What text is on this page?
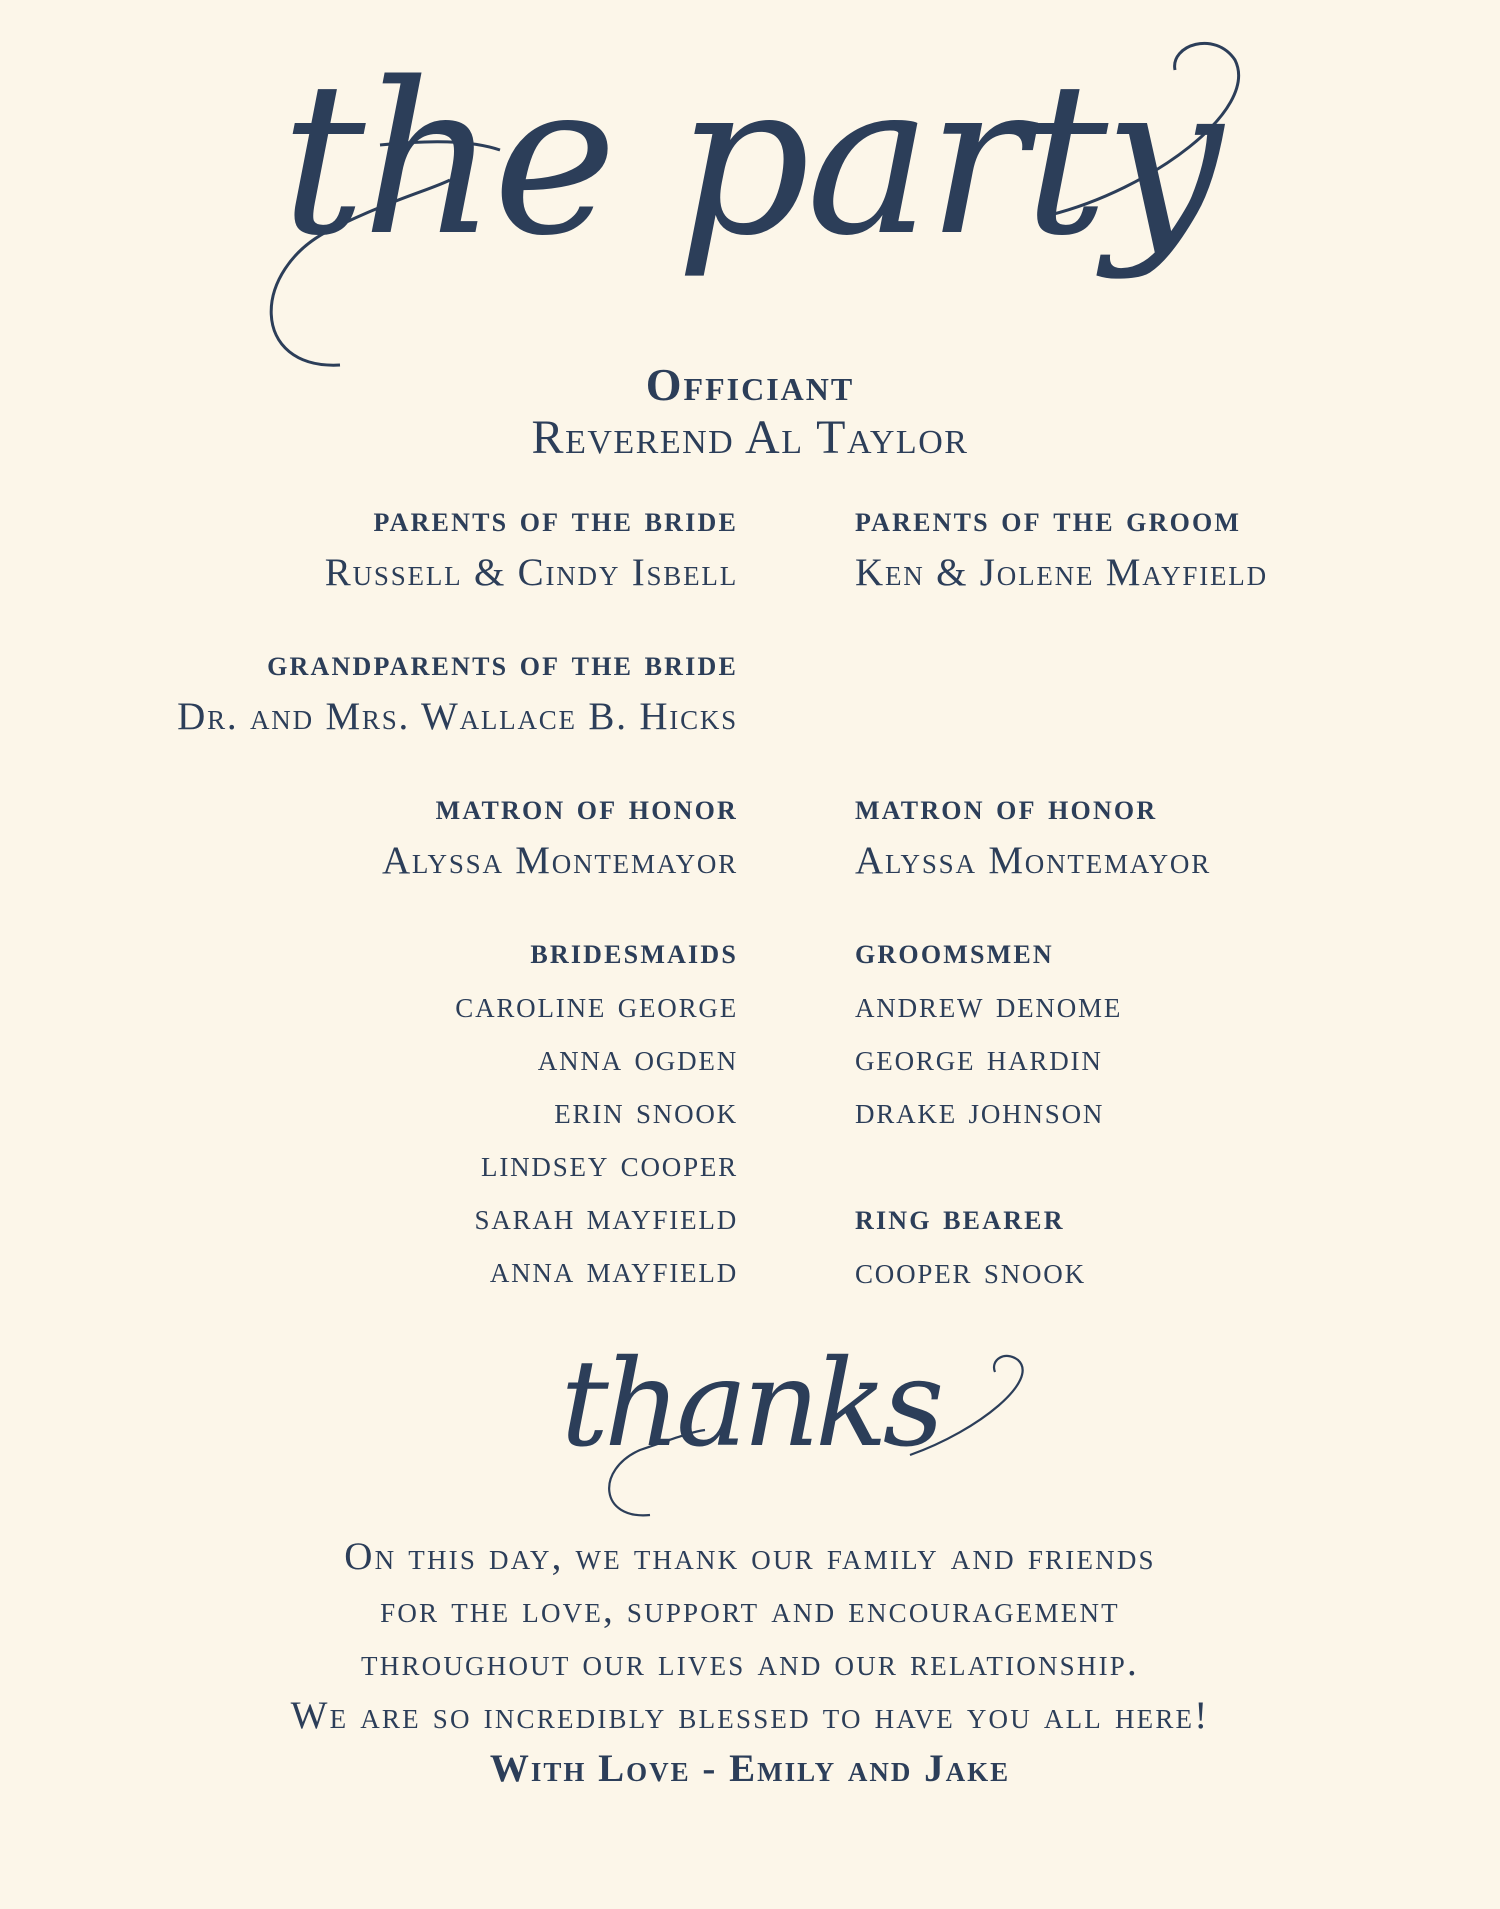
the party
Officiant
Reverend Al Taylor
parents of the bride
Russell & Cindy Isbell
parents of the groom
Ken & Jolene Mayfield
grandparents of the bride
Dr. and Mrs. Wallace B. Hicks
matron of honor
Alyssa Montemayor
matron of honor
Alyssa Montemayor
bridesmaids
caroline george
anna ogden
erin snook
lindsey cooper
sarah mayfield
anna mayfield
groomsmen
andrew denome
george hardin
drake johnson
ring bearer
cooper snook
thanks
On this day, we thank our family and friends
for the love, support and encouragement
throughout our lives and our relationship.
We are so incredibly blessed to have you all here!
With Love - Emily and Jake
